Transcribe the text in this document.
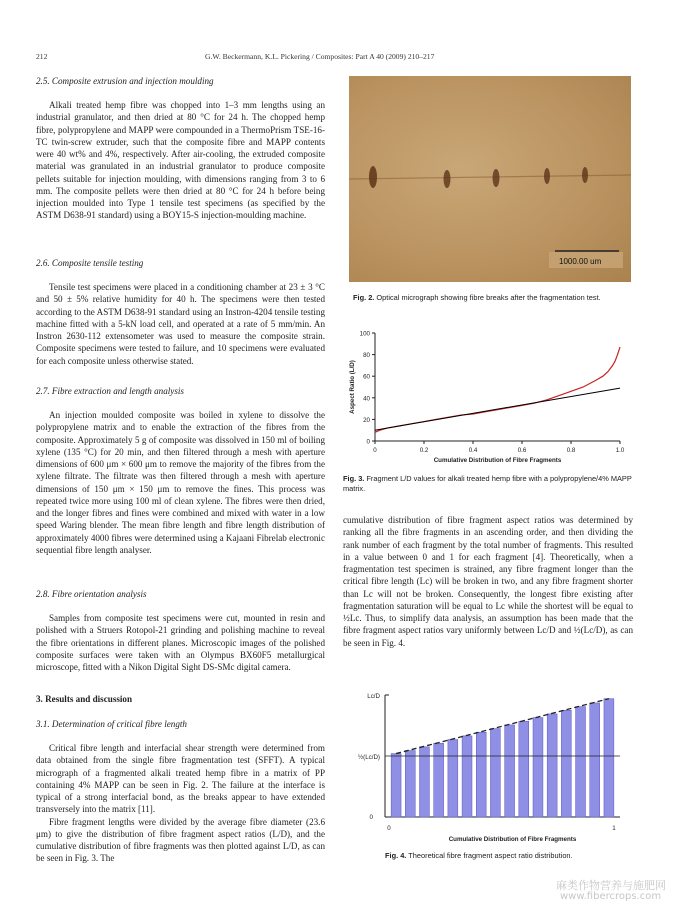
212	G.W. Beckermann, K.L. Pickering / Composites: Part A 40 (2009) 210–217
2.5. Composite extrusion and injection moulding

Alkali treated hemp fibre was chopped into 1–3 mm lengths using an industrial granulator, and then dried at 80 °C for 24 h. The chopped hemp fibre, polypropylene and MAPP were compounded in a ThermoPrism TSE-16-TC twin-screw extruder, such that the composite fibre and MAPP contents were 40 wt% and 4%, respectively. After air-cooling, the extruded composite material was granulated in an industrial granulator to produce composite pellets suitable for injection moulding, with dimensions ranging from 3 to 6 mm. The composite pellets were then dried at 80 °C for 24 h before being injection moulded into Type 1 tensile test specimens (as specified by the ASTM D638-91 standard) using a BOY15-S injection-moulding machine.

2.6. Composite tensile testing

Tensile test specimens were placed in a conditioning chamber at 23 ± 3 °C and 50 ± 5% relative humidity for 40 h. The specimens were then tested according to the ASTM D638-91 standard using an Instron-4204 tensile testing machine fitted with a 5-kN load cell, and operated at a rate of 5 mm/min. An Instron 2630-112 extensometer was used to measure the composite strain. Composite specimens were tested to failure, and 10 specimens were evaluated for each composite unless otherwise stated.

2.7. Fibre extraction and length analysis

An injection moulded composite was boiled in xylene to dissolve the polypropylene matrix and to enable the extraction of the fibres from the composite. Approximately 5 g of composite was dissolved in 150 ml of boiling xylene (135 °C) for 20 min, and then filtered through a mesh with aperture dimensions of 600 μm × 600 μm to remove the majority of the fibres from the xylene filtrate. The filtrate was then filtered through a mesh with aperture dimensions of 150 μm × 150 μm to remove the fines. This process was repeated twice more using 100 ml of clean xylene. The fibres were then dried, and the longer fibres and fines were combined and mixed with water in a low speed Waring blender. The mean fibre length and fibre length distribution of approximately 4000 fibres were determined using a Kajaani Fibrelab electronic sequential fibre length analyser.

2.8. Fibre orientation analysis

Samples from composite test specimens were cut, mounted in resin and polished with a Struers Rotopol-21 grinding and polishing machine to reveal the fibre orientations in different planes. Microscopic images of the polished composite surfaces were taken with an Olympus BX60F5 metallurgical microscope, fitted with a Nikon Digital Sight DS-SMc digital camera.

3. Results and discussion
3.1. Determination of critical fibre length

Critical fibre length and interfacial shear strength were determined from data obtained from the single fibre fragmentation test (SFFT). A typical micrograph of a fragmented alkali treated hemp fibre in a matrix of PP containing 4% MAPP can be seen in Fig. 2. The failure at the interface is typical of a strong interfacial bond, as the breaks appear to have extended transversely into the matrix [11].

Fibre fragment lengths were divided by the average fibre diameter (23.6 μm) to give the distribution of fibre fragment aspect ratios (L/D), and the cumulative distribution of fibre fragments was then plotted against L/D, as can be seen in Fig. 3. The

1000.00 um
Fig. 2. Optical micrograph showing fibre breaks after the fragmentation test.
0
20
40
60
80
100
0	0.2	0.4	0.6	0.8	1.0
Cumulative Distribution of Fibre Fragments
Aspect Ratio (L/D)
Fig. 3. Fragment L/D values for alkali treated hemp fibre with a polypropylene/4% MAPP matrix.

cumulative distribution of fibre fragment aspect ratios was determined by ranking all the fibre fragments in an ascending order, and then dividing the rank number of each fragment by the total number of fragments. This resulted in a value between 0 and 1 for each fragment [4]. Theoretically, when a fragmentation test specimen is strained, any fibre fragment longer than the critical fibre length (Lc) will be broken in two, and any fibre fragment shorter than Lc will not be broken. Consequently, the longest fibre existing after fragmentation saturation will be equal to Lc while the shortest will be equal to ½Lc. Thus, to simplify data analysis, an assumption has been made that the fibre fragment aspect ratios vary uniformly between Lc/D and ½(Lc/D), as can be seen in Fig. 4.

Lc/D
½(Lc/D)
0
0	1
Cumulative Distribution of Fibre Fragments
Fig. 4. Theoretical fibre fragment aspect ratio distribution.
麻类作物营养与施肥网
www.fibercrops.com
